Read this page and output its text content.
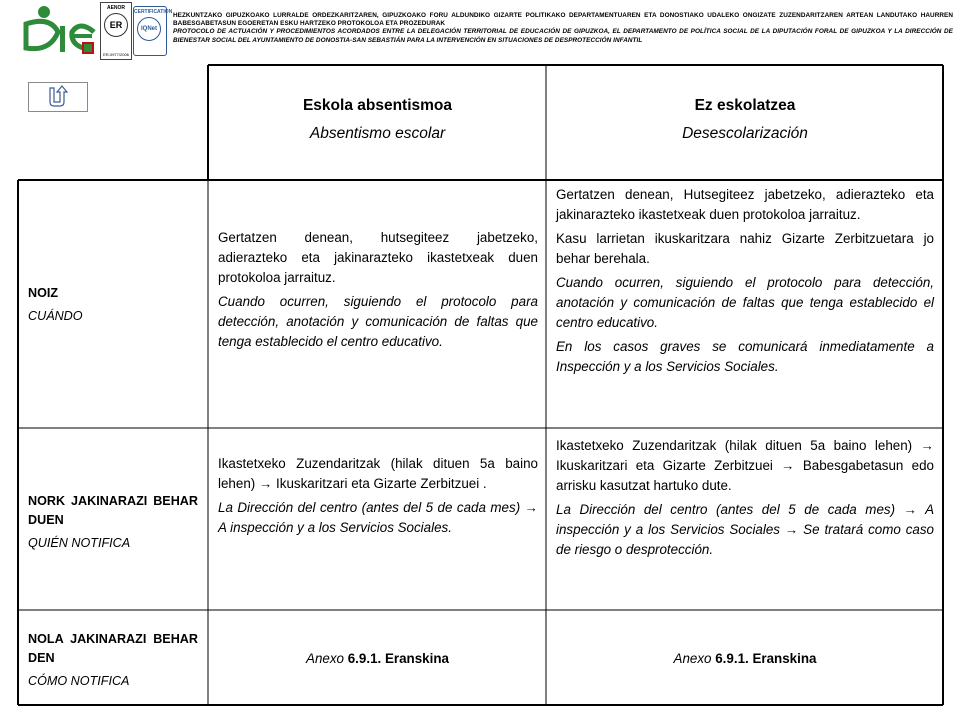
AENOR
ER
ER-0977/2006
CERTIFICATION
IQNet
HEZKUNTZAKO GIPUZKOAKO LURRALDE ORDEZKARITZAREN, GIPUZKOAKO FORU ALDUNDIKO GIZARTE POLITIKAKO DEPARTAMENTUAREN ETA DONOSTIAKO UDALEKO ONGIZATE ZUZENDARITZAREN ARTEAN LANDUTAKO HAURREN BABESGABETASUN EGOERETAN ESKU HARTZEKO PROTOKOLOA ETA PROZEDURAK
PROTOCOLO DE ACTUACIÓN Y PROCEDIMIENTOS ACORDADOS ENTRE LA DELEGACIÓN TERRITORIAL DE EDUCACIÓN DE GIPUZKOA, EL DEPARTAMENTO DE POLÍTICA SOCIAL DE LA DIPUTACIÓN FORAL DE GIPUZKOA Y LA DIRECCIÓN DE BIENESTAR SOCIAL DEL AYUNTAMIENTO DE DONOSTIA-SAN SEBASTIÁN PARA LA INTERVENCIÓN EN SITUACIONES DE DESPROTECCIÓN INFANTIL
Eskola absentismoa
Absentismo escolar
Ez eskolatzea
Desescolarización
NOIZ
CUÁNDO

Gertatzen denean, hutsegiteez jabetzeko, adierazteko eta jakinarazteko ikastetxeak duen protokoloa jarraituz.

Cuando ocurren, siguiendo el protocolo para detección, anotación y comunicación de faltas que tenga establecido el centro educativo.

Gertatzen denean, Hutsegiteez jabetzeko, adierazteko eta jakinarazteko ikastetxeak duen protokoloa jarraituz.

Kasu larrietan ikuskaritzara nahiz Gizarte Zerbitzuetara jo behar berehala.

Cuando ocurren, siguiendo el protocolo para detección, anotación y comunicación de faltas que tenga establecido el centro educativo.

En los casos graves se comunicará inmediatamente a Inspección y a los Servicios Sociales.

NORK JAKINARAZI BEHAR DUEN
QUIÉN NOTIFICA

Ikastetxeko Zuzendaritzak (hilak dituen 5a baino lehen) → Ikuskaritzari eta Gizarte Zerbitzuei .

La Dirección del centro (antes del 5 de cada mes) → A inspección y a los Servicios Sociales.

Ikastetxeko Zuzendaritzak (hilak dituen 5a baino lehen) → Ikuskaritzari eta Gizarte Zerbitzuei → Babesgabetasun edo arrisku kasutzat hartuko dute.

La Dirección del centro (antes del 5 de cada mes) → A inspección y a los Servicios Sociales → Se tratará como caso de riesgo o desprotección.

NOLA JAKINARAZI BEHAR DEN
CÓMO NOTIFICA
Anexo 6.9.1. Eranskina	Anexo 6.9.1. Eranskina
